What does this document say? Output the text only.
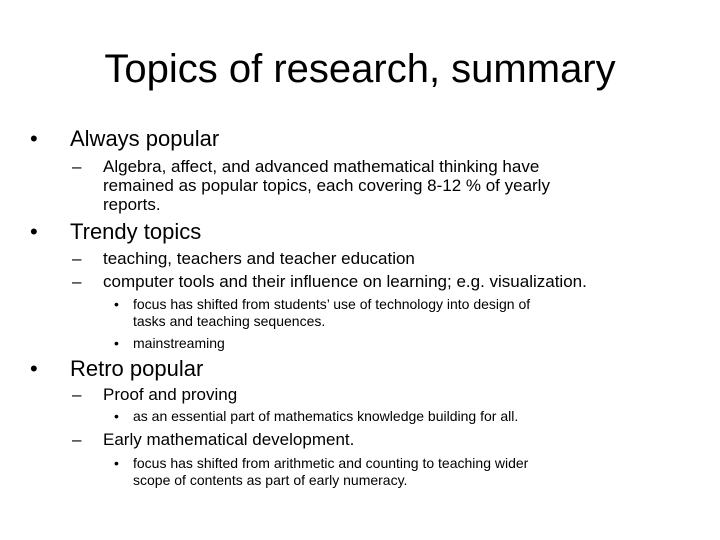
Topics of research, summary
• Always popular

– Algebra, affect, and advanced mathematical thinking have

remained as popular topics, each covering 8-12 % of yearly

reports.

• Trendy topics

– teaching, teachers and teacher education

– computer tools and their influence on learning; e.g. visualization.

• focus has shifted from students’ use of technology into design of

tasks and teaching sequences.

• mainstreaming

• Retro popular

– Proof and proving

• as an essential part of mathematics knowledge building for all.

– Early mathematical development.

• focus has shifted from arithmetic and counting to teaching wider

scope of contents as part of early numeracy.
